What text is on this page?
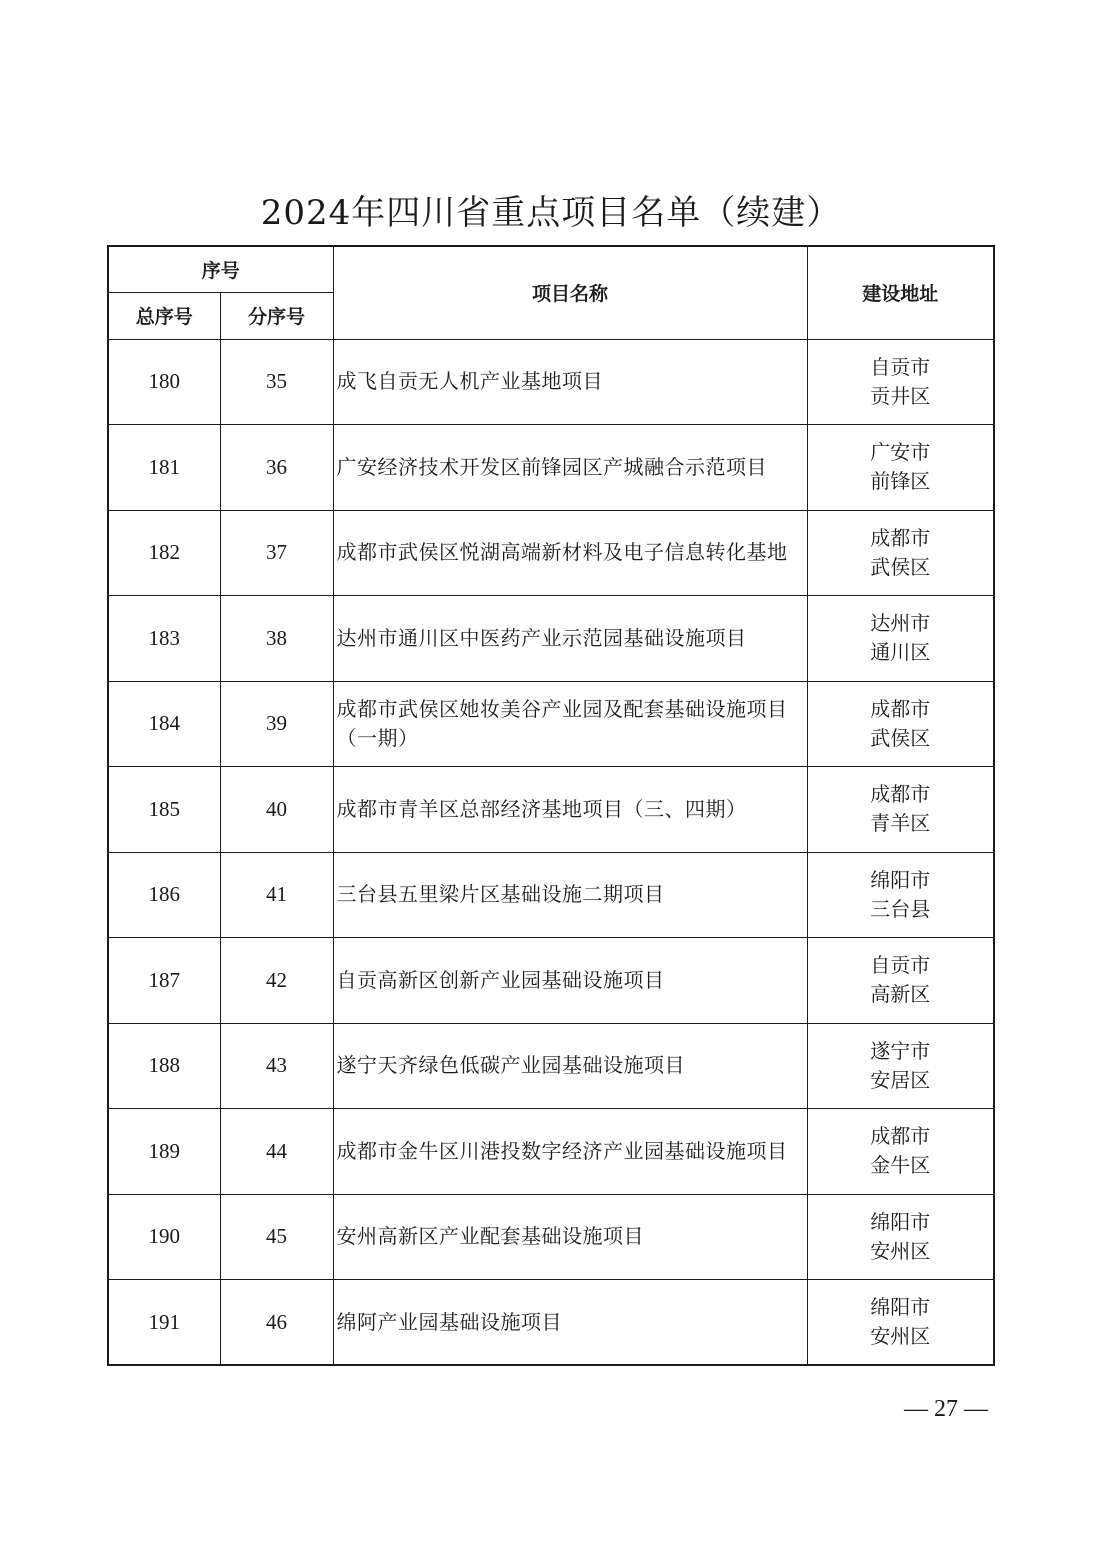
2024年四川省重点项目名单（续建）
序号		项目名称	建设地址
总序号	分序号		
180	35	成飞自贡无人机产业基地项目	自贡市
贡井区

181	36	广安经济技术开发区前锋园区产城融合示范项目	广安市
前锋区

182	37	成都市武侯区悦湖高端新材料及电子信息转化基地	成都市
武侯区

183	38	达州市通川区中医药产业示范园基础设施项目	达州市
通川区

184	39	成都市武侯区她妆美谷产业园及配套基础设施项目（一期）	成都市
武侯区

185	40	成都市青羊区总部经济基地项目（三、四期）	成都市
青羊区

186	41	三台县五里梁片区基础设施二期项目	绵阳市
三台县

187	42	自贡高新区创新产业园基础设施项目	自贡市
高新区

188	43	遂宁天齐绿色低碳产业园基础设施项目	遂宁市
安居区

189	44	成都市金牛区川港投数字经济产业园基础设施项目	成都市
金牛区

190	45	安州高新区产业配套基础设施项目	绵阳市
安州区

191	46	绵阿产业园基础设施项目	绵阳市
安州区
— 27 —
